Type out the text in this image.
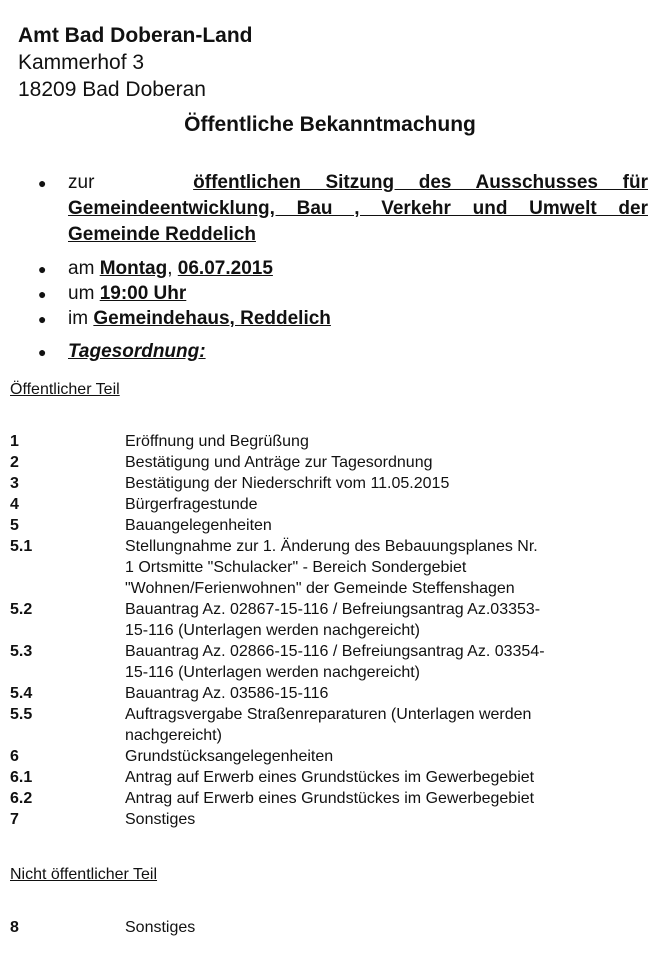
Amt Bad Doberan-Land
Kammerhof 3
18209 Bad Doberan
Öffentliche Bekanntmachung
● zur	öffentlichen Sitzung des Ausschusses für
Gemeindeentwicklung, Bau , Verkehr und Umwelt der
Gemeinde Reddelich
● am Montag, 06.07.2015
● um 19:00 Uhr
● im Gemeindehaus, Reddelich
● Tagesordnung:
Öffentlicher Teil
1	Eröffnung und Begrüßung
2	Bestätigung und Anträge zur Tagesordnung
3	Bestätigung der Niederschrift vom 11.05.2015
4	Bürgerfragestunde
5	Bauangelegenheiten
5.1	Stellungnahme zur 1. Änderung des Bebauungsplanes Nr.
1 Ortsmitte "Schulacker" - Bereich Sondergebiet
"Wohnen/Ferienwohnen" der Gemeinde Steffenshagen
5.2	Bauantrag Az. 02867-15-116 / Befreiungsantrag Az.03353-
15-116 (Unterlagen werden nachgereicht)
5.3	Bauantrag Az. 02866-15-116 / Befreiungsantrag Az. 03354-
15-116 (Unterlagen werden nachgereicht)
5.4	Bauantrag Az. 03586-15-116
5.5	Auftragsvergabe Straßenreparaturen (Unterlagen werden
nachgereicht)
6	Grundstücksangelegenheiten
6.1	Antrag auf Erwerb eines Grundstückes im Gewerbegebiet
6.2	Antrag auf Erwerb eines Grundstückes im Gewerbegebiet
7	Sonstiges
Nicht öffentlicher Teil
8	Sonstiges
